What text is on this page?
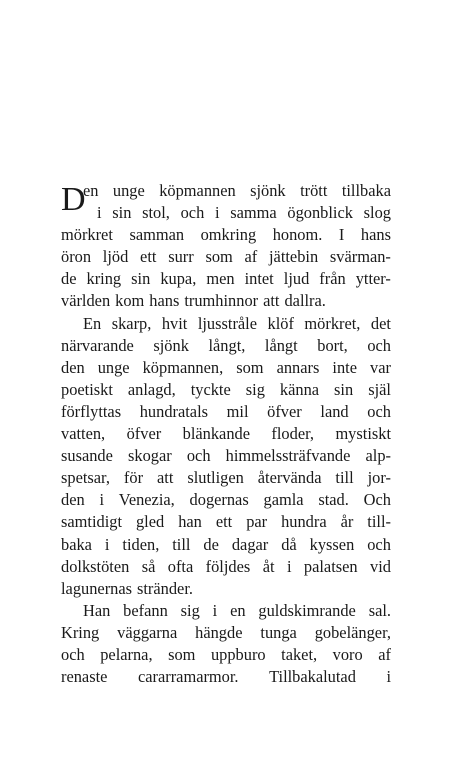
D
en unge köpmannen sjönk trött tillbaka
i sin stol, och i samma ögonblick slog
mörkret samman omkring honom. I hans
öron ljöd ett surr som af jättebin svärman-
de kring sin kupa, men intet ljud från ytter-
världen kom hans trumhinnor att dallra.
En skarp, hvit ljusstråle klöf mörkret, det
närvarande sjönk långt, långt bort, och
den unge köpmannen, som annars inte var
poetiskt anlagd, tyckte sig känna sin själ
förflyttas hundratals mil öfver land och
vatten, öfver blänkande floder, mystiskt
susande skogar och himmelssträfvande alp-
spetsar, för att slutligen återvända till jor-
den i Venezia, dogernas gamla stad. Och
samtidigt gled han ett par hundra år till-
baka i tiden, till de dagar då kyssen och
dolkstöten så ofta följdes åt i palatsen vid
lagunernas stränder.
Han befann sig i en guldskimrande sal.
Kring väggarna hängde tunga gobelänger,
och pelarna, som uppburo taket, voro af
renaste cararramarmor. Tillbakalutad i
